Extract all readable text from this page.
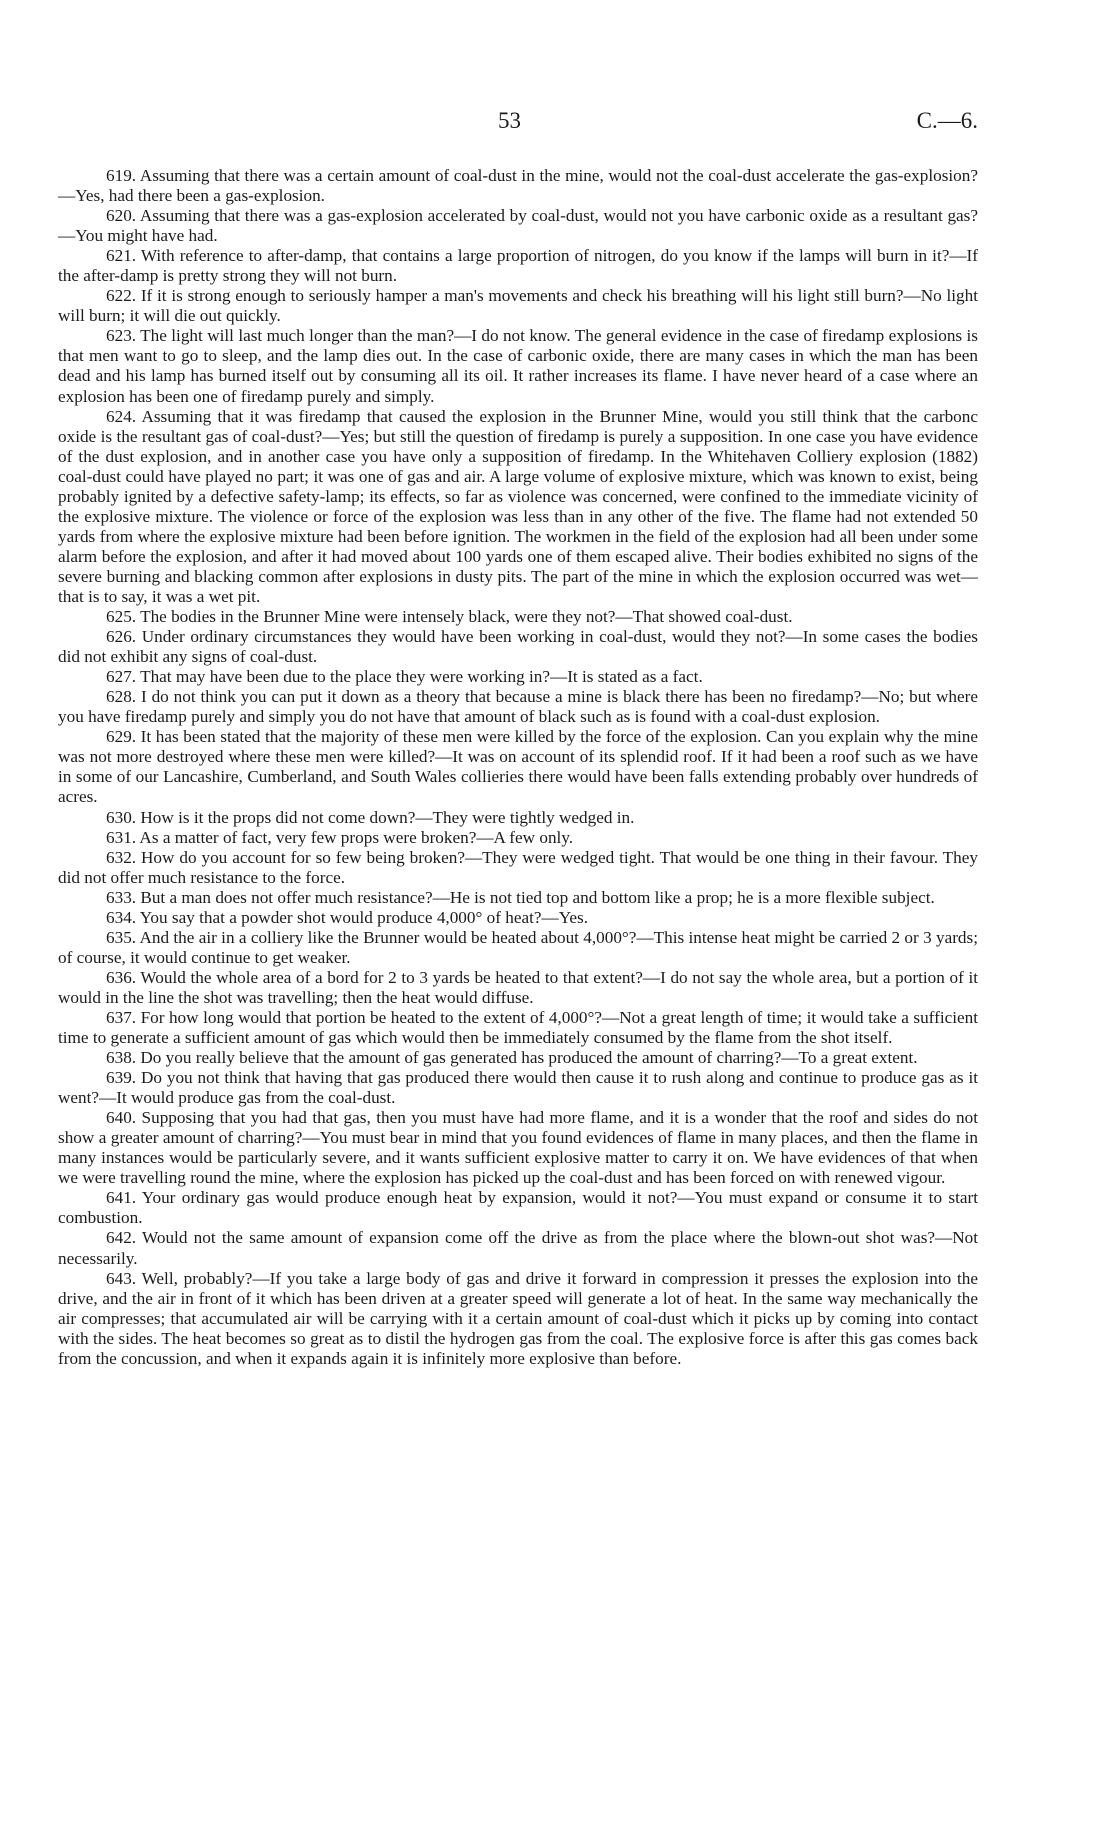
53	C.—6.

619. Assuming that there was a certain amount of coal-dust in the mine, would not the coal-dust accelerate the gas-explosion?—Yes, had there been a gas-explosion.

620. Assuming that there was a gas-explosion accelerated by coal-dust, would not you have carbonic oxide as a resultant gas?—You might have had.

621. With reference to after-damp, that contains a large proportion of nitrogen, do you know if the lamps will burn in it?—If the after-damp is pretty strong they will not burn.

622. If it is strong enough to seriously hamper a man's movements and check his breathing will his light still burn?—No light will burn; it will die out quickly.

623. The light will last much longer than the man?—I do not know. The general evidence in the case of firedamp explosions is that men want to go to sleep, and the lamp dies out. In the case of carbonic oxide, there are many cases in which the man has been dead and his lamp has burned itself out by consuming all its oil. It rather increases its flame. I have never heard of a case where an explosion has been one of firedamp purely and simply.

624. Assuming that it was firedamp that caused the explosion in the Brunner Mine, would you still think that the carbonc oxide is the resultant gas of coal-dust?—Yes; but still the question of firedamp is purely a supposition. In one case you have evidence of the dust explosion, and in another case you have only a supposition of firedamp. In the Whitehaven Colliery explosion (1882) coal-dust could have played no part; it was one of gas and air. A large volume of explosive mixture, which was known to exist, being probably ignited by a defective safety-lamp; its effects, so far as violence was concerned, were confined to the immediate vicinity of the explosive mixture. The violence or force of the explosion was less than in any other of the five. The flame had not extended 50 yards from where the explosive mixture had been before ignition. The workmen in the field of the explosion had all been under some alarm before the explosion, and after it had moved about 100 yards one of them escaped alive. Their bodies exhibited no signs of the severe burning and blacking common after explosions in dusty pits. The part of the mine in which the explosion occurred was wet—that is to say, it was a wet pit.

625. The bodies in the Brunner Mine were intensely black, were they not?—That showed coal-dust.

626. Under ordinary circumstances they would have been working in coal-dust, would they not?—In some cases the bodies did not exhibit any signs of coal-dust.

627. That may have been due to the place they were working in?—It is stated as a fact.

628. I do not think you can put it down as a theory that because a mine is black there has been no firedamp?—No; but where you have firedamp purely and simply you do not have that amount of black such as is found with a coal-dust explosion.

629. It has been stated that the majority of these men were killed by the force of the explosion. Can you explain why the mine was not more destroyed where these men were killed?—It was on account of its splendid roof. If it had been a roof such as we have in some of our Lancashire, Cumberland, and South Wales collieries there would have been falls extending probably over hundreds of acres.

630. How is it the props did not come down?—They were tightly wedged in.

631. As a matter of fact, very few props were broken?—A few only.

632. How do you account for so few being broken?—They were wedged tight. That would be one thing in their favour. They did not offer much resistance to the force.

633. But a man does not offer much resistance?—He is not tied top and bottom like a prop; he is a more flexible subject.

634. You say that a powder shot would produce 4,000° of heat?—Yes.

635. And the air in a colliery like the Brunner would be heated about 4,000°?—This intense heat might be carried 2 or 3 yards; of course, it would continue to get weaker.

636. Would the whole area of a bord for 2 to 3 yards be heated to that extent?—I do not say the whole area, but a portion of it would in the line the shot was travelling; then the heat would diffuse.

637. For how long would that portion be heated to the extent of 4,000°?—Not a great length of time; it would take a sufficient time to generate a sufficient amount of gas which would then be immediately consumed by the flame from the shot itself.

638. Do you really believe that the amount of gas generated has produced the amount of charring?—To a great extent.

639. Do you not think that having that gas produced there would then cause it to rush along and continue to produce gas as it went?—It would produce gas from the coal-dust.

640. Supposing that you had that gas, then you must have had more flame, and it is a wonder that the roof and sides do not show a greater amount of charring?—You must bear in mind that you found evidences of flame in many places, and then the flame in many instances would be particularly severe, and it wants sufficient explosive matter to carry it on. We have evidences of that when we were travelling round the mine, where the explosion has picked up the coal-dust and has been forced on with renewed vigour.

641. Your ordinary gas would produce enough heat by expansion, would it not?—You must expand or consume it to start combustion.

642. Would not the same amount of expansion come off the drive as from the place where the blown-out shot was?—Not necessarily.

643. Well, probably?—If you take a large body of gas and drive it forward in compression it presses the explosion into the drive, and the air in front of it which has been driven at a greater speed will generate a lot of heat. In the same way mechanically the air compresses; that accumulated air will be carrying with it a certain amount of coal-dust which it picks up by coming into contact with the sides. The heat becomes so great as to distil the hydrogen gas from the coal. The explosive force is after this gas comes back from the concussion, and when it expands again it is infinitely more explosive than before.
